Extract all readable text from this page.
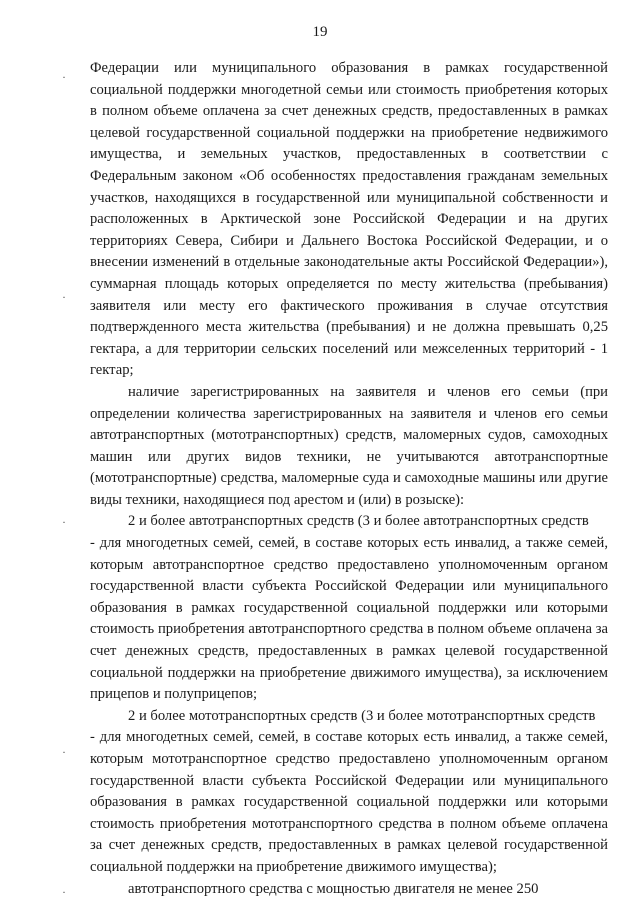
19
·
·
·
·
·

Федерации или муниципального образования в рамках государственной социальной поддержки многодетной семьи или стоимость приобретения которых в полном объеме оплачена за счет денежных средств, предоставленных в рамках целевой государственной социальной поддержки на приобретение недвижимого имущества, и земельных участков, предоставленных в соответствии с Федеральным законом «Об особенностях предоставления гражданам земельных участков, находящихся в государственной или муниципальной собственности и расположенных в Арктической зоне Российской Федерации и на других территориях Севера, Сибири и Дальнего Востока Российской Федерации, и о внесении изменений в отдельные законодательные акты Российской Федерации»), суммарная площадь которых определяется по месту жительства (пребывания) заявителя или месту его фактического проживания в случае отсутствия подтвержденного места жительства (пребывания) и не должна превышать 0,25 гектара, а для территории сельских поселений или межселенных территорий - 1 гектар;

наличие зарегистрированных на заявителя и членов его семьи (при определении количества зарегистрированных на заявителя и членов его семьи автотранспортных (мототранспортных) средств, маломерных судов, самоходных машин или других видов техники, не учитываются автотранспортные (мототранспортные) средства, маломерные суда и самоходные машины или другие виды техники, находящиеся под арестом и (или) в розыске):

2 и более автотранспортных средств (3 и более автотранспортных средств

- для многодетных семей, семей, в составе которых есть инвалид, а также семей, которым автотранспортное средство предоставлено уполномоченным органом государственной власти субъекта Российской Федерации или муниципального образования в рамках государственной социальной поддержки или которыми стоимость приобретения автотранспортного средства в полном объеме оплачена за счет денежных средств, предоставленных в рамках целевой государственной социальной поддержки на приобретение движимого имущества), за исключением прицепов и полуприцепов;

2 и более мототранспортных средств (3 и более мототранспортных средств

- для многодетных семей, семей, в составе которых есть инвалид, а также семей, которым мототранспортное средство предоставлено уполномоченным органом государственной власти субъекта Российской Федерации или муниципального образования в рамках государственной социальной поддержки или которыми стоимость приобретения мототранспортного средства в полном объеме оплачена за счет денежных средств, предоставленных в рамках целевой государственной социальной поддержки на приобретение движимого имущества);

автотранспортного средства с мощностью двигателя не менее 250
